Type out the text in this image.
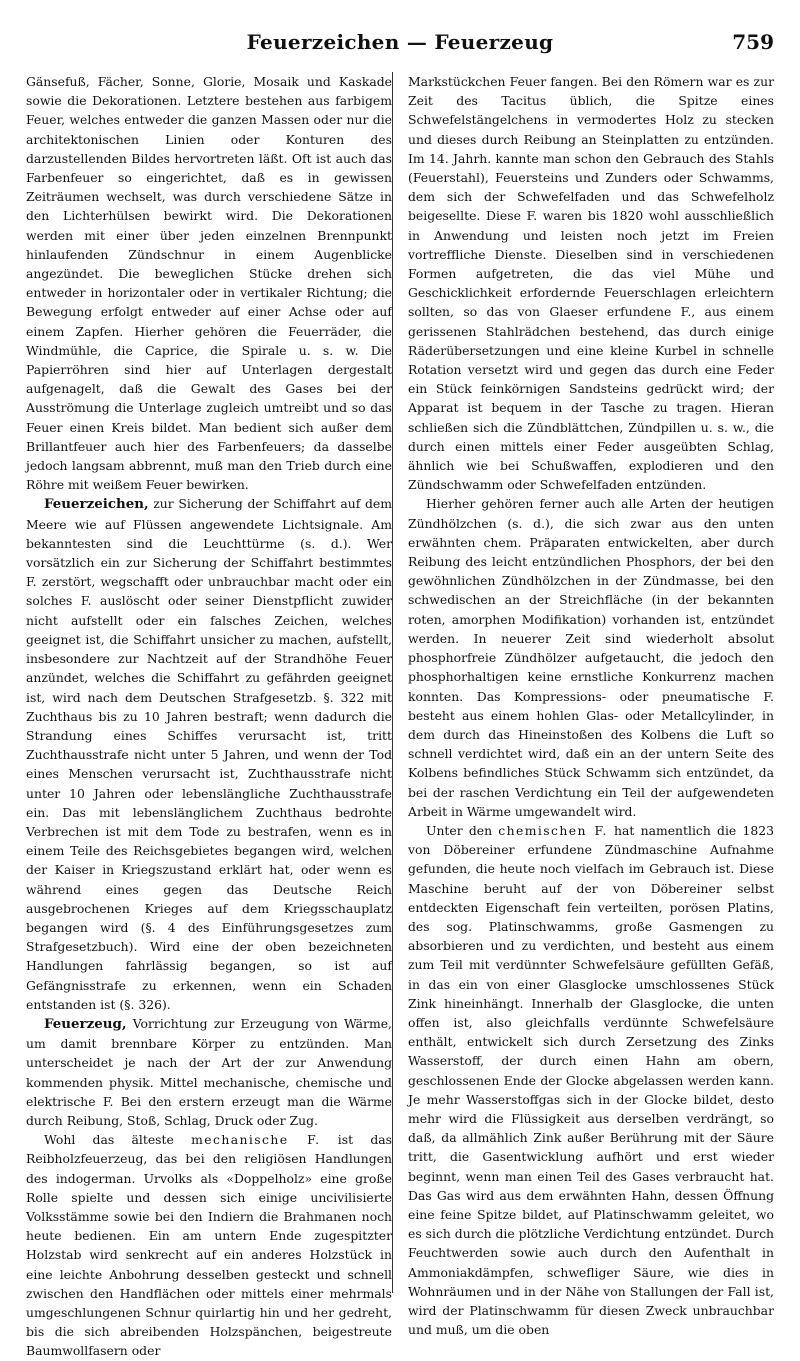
Feuerzeichen — Feuerzeug	759

Gänsefuß, Fächer, Sonne, Glorie, Mosaik und Kaskade sowie die Dekorationen. Letztere bestehen aus farbigem Feuer, welches entweder die ganzen Massen oder nur die architektonischen Linien oder Konturen des darzustellenden Bildes hervortreten läßt. Oft ist auch das Farbenfeuer so eingerichtet, daß es in gewissen Zeiträumen wechselt, was durch verschiedene Sätze in den Lichterhülsen bewirkt wird. Die Dekorationen werden mit einer über jeden einzelnen Brennpunkt hinlaufenden Zündschnur in einem Augenblicke angezündet. Die beweglichen Stücke drehen sich entweder in horizontaler oder in vertikaler Richtung; die Bewegung erfolgt entweder auf einer Achse oder auf einem Zapfen. Hierher gehören die Feuerräder, die Windmühle, die Caprice, die Spirale u. s. w. Die Papierröhren sind hier auf Unterlagen dergestalt aufgenagelt, daß die Gewalt des Gases bei der Ausströmung die Unterlage zugleich umtreibt und so das Feuer einen Kreis bildet. Man bedient sich außer dem Brillantfeuer auch hier des Farbenfeuers; da dasselbe jedoch langsam abbrennt, muß man den Trieb durch eine Röhre mit weißem Feuer bewirken.

Feuerzeichen, zur Sicherung der Schiffahrt auf dem Meere wie auf Flüssen angewendete Lichtsignale. Am bekanntesten sind die Leuchttürme (s. d.). Wer vorsätzlich ein zur Sicherung der Schiffahrt bestimmtes F. zerstört, wegschafft oder unbrauchbar macht oder ein solches F. auslöscht oder seiner Dienstpflicht zuwider nicht aufstellt oder ein falsches Zeichen, welches geeignet ist, die Schiffahrt unsicher zu machen, aufstellt, insbesondere zur Nachtzeit auf der Strandhöhe Feuer anzündet, welches die Schiffahrt zu gefährden geeignet ist, wird nach dem Deutschen Strafgesetzb. §. 322 mit Zuchthaus bis zu 10 Jahren bestraft; wenn dadurch die Strandung eines Schiffes verursacht ist, tritt Zuchthausstrafe nicht unter 5 Jahren, und wenn der Tod eines Menschen verursacht ist, Zuchthausstrafe nicht unter 10 Jahren oder lebenslängliche Zuchthausstrafe ein. Das mit lebenslänglichem Zuchthaus bedrohte Verbrechen ist mit dem Tode zu bestrafen, wenn es in einem Teile des Reichsgebietes begangen wird, welchen der Kaiser in Kriegszustand erklärt hat, oder wenn es während eines gegen das Deutsche Reich ausgebrochenen Krieges auf dem Kriegsschauplatz begangen wird (§. 4 des Einführungsgesetzes zum Strafgesetzbuch). Wird eine der oben bezeichneten Handlungen fahrlässig begangen, so ist auf Gefängnisstrafe zu erkennen, wenn ein Schaden entstanden ist (§. 326).

Feuerzeug, Vorrichtung zur Erzeugung von Wärme, um damit brennbare Körper zu entzünden. Man unterscheidet je nach der Art der zur Anwendung kommenden physik. Mittel mechanische, chemische und elektrische F. Bei den erstern erzeugt man die Wärme durch Reibung, Stoß, Schlag, Druck oder Zug.

Wohl das älteste mechanische F. ist das Reibholzfeuerzeug, das bei den religiösen Handlungen des indogerman. Urvolks als «Doppelholz» eine große Rolle spielte und dessen sich einige uncivilisierte Volksstämme sowie bei den Indiern die Brahmanen noch heute bedienen. Ein am untern Ende zugespitzter Holzstab wird senkrecht auf ein anderes Holzstück in eine leichte Anbohrung desselben gesteckt und schnell zwischen den Handflächen oder mittels einer mehrmals umgeschlungenen Schnur quirlartig hin und her gedreht, bis die sich abreibenden Holzspänchen, beigestreute Baumwollfasern oder

Markstückchen Feuer fangen. Bei den Römern war es zur Zeit des Tacitus üblich, die Spitze eines Schwefelstängelchens in vermodertes Holz zu stecken und dieses durch Reibung an Steinplatten zu entzünden. Im 14. Jahrh. kannte man schon den Gebrauch des Stahls (Feuerstahl), Feuersteins und Zunders oder Schwamms, dem sich der Schwefelfaden und das Schwefelholz beigesellte. Diese F. waren bis 1820 wohl ausschließlich in Anwendung und leisten noch jetzt im Freien vortreffliche Dienste. Dieselben sind in verschiedenen Formen aufgetreten, die das viel Mühe und Geschicklichkeit erfordernde Feuerschlagen erleichtern sollten, so das von Glaeser erfundene F., aus einem gerissenen Stahlrädchen bestehend, das durch einige Räderübersetzungen und eine kleine Kurbel in schnelle Rotation versetzt wird und gegen das durch eine Feder ein Stück feinkörnigen Sandsteins gedrückt wird; der Apparat ist bequem in der Tasche zu tragen. Hieran schließen sich die Zündblättchen, Zündpillen u. s. w., die durch einen mittels einer Feder ausgeübten Schlag, ähnlich wie bei Schußwaffen, explodieren und den Zündschwamm oder Schwefelfaden entzünden.

Hierher gehören ferner auch alle Arten der heutigen Zündhölzchen (s. d.), die sich zwar aus den unten erwähnten chem. Präparaten entwickelten, aber durch Reibung des leicht entzündlichen Phosphors, der bei den gewöhnlichen Zündhölzchen in der Zündmasse, bei den schwedischen an der Streichfläche (in der bekannten roten, amorphen Modifikation) vorhanden ist, entzündet werden. In neuerer Zeit sind wiederholt absolut phosphorfreie Zündhölzer aufgetaucht, die jedoch den phosphorhaltigen keine ernstliche Konkurrenz machen konnten. Das Kompressions- oder pneumatische F. besteht aus einem hohlen Glas- oder Metallcylinder, in dem durch das Hineinstoßen des Kolbens die Luft so schnell verdichtet wird, daß ein an der untern Seite des Kolbens befindliches Stück Schwamm sich entzündet, da bei der raschen Verdichtung ein Teil der aufgewendeten Arbeit in Wärme umgewandelt wird.

Unter den chemischen F. hat namentlich die 1823 von Döbereiner erfundene Zündmaschine Aufnahme gefunden, die heute noch vielfach im Gebrauch ist. Diese Maschine beruht auf der von Döbereiner selbst entdeckten Eigenschaft fein verteilten, porösen Platins, des sog. Platinschwamms, große Gasmengen zu absorbieren und zu verdichten, und besteht aus einem zum Teil mit verdünnter Schwefelsäure gefüllten Gefäß, in das ein von einer Glasglocke umschlossenes Stück Zink hineinhängt. Innerhalb der Glasglocke, die unten offen ist, also gleichfalls verdünnte Schwefelsäure enthält, entwickelt sich durch Zersetzung des Zinks Wasserstoff, der durch einen Hahn am obern, geschlossenen Ende der Glocke abgelassen werden kann. Je mehr Wasserstoffgas sich in der Glocke bildet, desto mehr wird die Flüssigkeit aus derselben verdrängt, so daß, da allmählich Zink außer Berührung mit der Säure tritt, die Gasentwicklung aufhört und erst wieder beginnt, wenn man einen Teil des Gases verbraucht hat. Das Gas wird aus dem erwähnten Hahn, dessen Öffnung eine feine Spitze bildet, auf Platinschwamm geleitet, wo es sich durch die plötzliche Verdichtung entzündet. Durch Feuchtwerden sowie auch durch den Aufenthalt in Ammoniakdämpfen, schwefliger Säure, wie dies in Wohnräumen und in der Nähe von Stallungen der Fall ist, wird der Platinschwamm für diesen Zweck unbrauchbar und muß, um die oben
